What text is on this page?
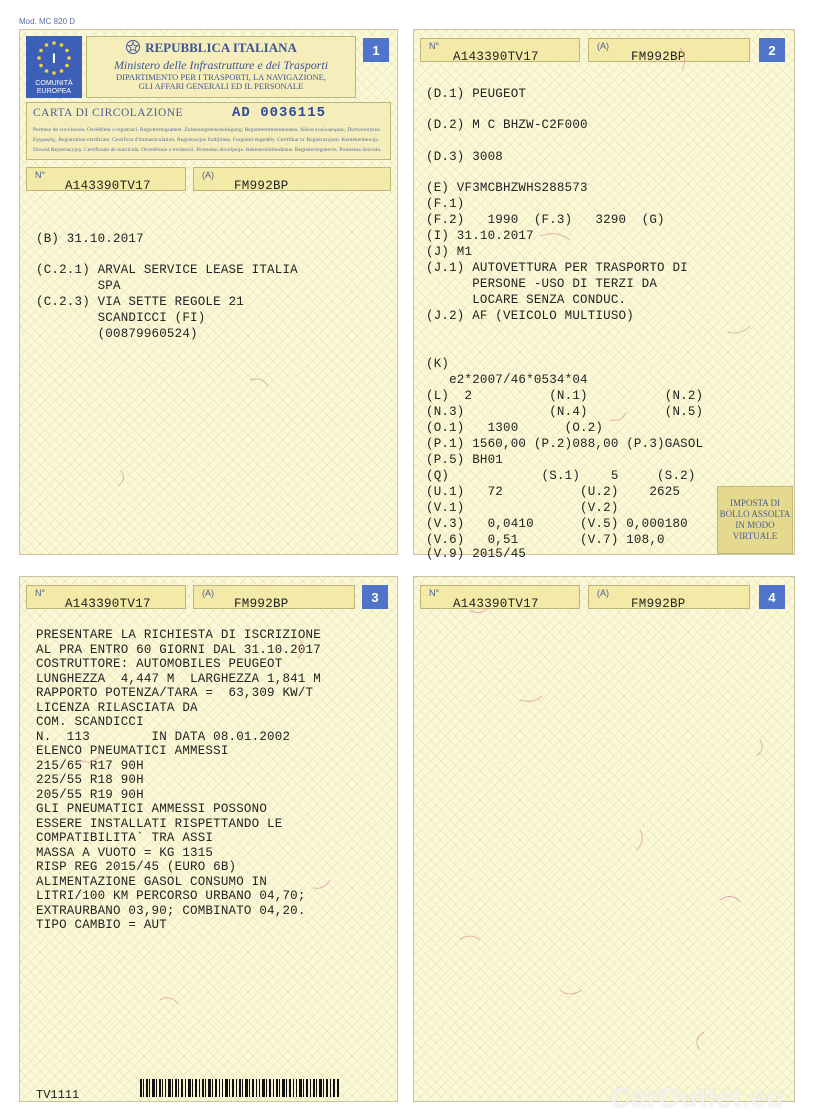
Mod. MC 820 D
I
COMUNITÀ EUROPEA
REPUBBLICA ITALIANA
Ministero delle Infrastrutture e dei Trasporti
DIPARTIMENTO PER I TRASPORTI, LA NAVIGAZIONE,
GLI AFFARI GENERALI ED IL PERSONALE
1
CARTA DI CIRCOLAZIONE	AD 0036115
Permiso de circulación. Osvědčení o registraci. Registreringsattest. Zulassungsbescheinigung. Registreerimistunnistus. Άδεια κυκλοφορίας. Πιστοποιητικό Εγγραφής. Registration certificate. Certificat d'immatriculation. Registracijos liudijimas. Forgalmi engedély. Certifikat ta' Registrazzjoni. Kentekenbewijs. Dowód Rejestracyjny. Certificado de matrícula. Osvedčenie o evidencii. Prometno dovoljenje. Rekisteröintitodistus. Registreringsbevis. Prometna dozvola.
N°
A143390TV17
(A)
FM992BP
(B) 31.10.2017
(C.2.1) ARVAL SERVICE LEASE ITALIA
SPA
(C.2.3) VIA SETTE REGOLE 21
SCANDICCI (FI)
(00879960524)
N°
A143390TV17
(A)
FM992BP	2
(D.1) PEUGEOT
(D.2) M C BHZW-C2F000
(D.3) 3008
(E) VF3MCBHZWHS288573
(F.1)
(F.2)   1990  (F.3)   3290  (G)
(I) 31.10.2017
(J) M1
(J.1) AUTOVETTURA PER TRASPORTO DI
PERSONE -USO DI TERZI DA
LOCARE SENZA CONDUC.
(J.2) AF (VEICOLO MULTIUSO)
(K)
e2*2007/46*0534*04
(L)  2          (N.1)          (N.2)
(N.3)           (N.4)          (N.5)
(O.1)   1300      (O.2)
(P.1) 1560,00 (P.2)088,00 (P.3)GASOL
(P.5) BH01
(Q)            (S.1)    5     (S.2)
(U.1)   72          (U.2)    2625
(V.1)               (V.2)
(V.3)   0,0410      (V.5) 0,000180
(V.6)   0,51        (V.7) 108,0
(V.9) 2015/45
IMPOSTA DI BOLLO ASSOLTA IN MODO VIRTUALE
N°
A143390TV17
(A)
FM992BP	3
PRESENTARE LA RICHIESTA DI ISCRIZIONE
AL PRA ENTRO 60 GIORNI DAL 31.10.2017
COSTRUTTORE: AUTOMOBILES PEUGEOT
LUNGHEZZA  4,447 M  LARGHEZZA 1,841 M
RAPPORTO POTENZA/TARA =  63,309 KW/T
LICENZA RILASCIATA DA
COM. SCANDICCI
N.  113        IN DATA 08.01.2002
ELENCO PNEUMATICI AMMESSI
215/65 R17 90H
225/55 R18 90H
205/55 R19 90H
GLI PNEUMATICI AMMESSI POSSONO
ESSERE INSTALLATI RISPETTANDO LE
COMPATIBILITA` TRA ASSI
MASSA A VUOTO = KG 1315
RISP REG 2015/45 (EURO 6B)
ALIMENTAZIONE GASOL CONSUMO IN
LITRI/100 KM PERCORSO URBANO 04,70;
EXTRAURBANO 03,90; COMBINATO 04,20.
TIPO CAMBIO = AUT
TV1111
N°
A143390TV17
(A)
FM992BP	4
CarOutlet.eu
